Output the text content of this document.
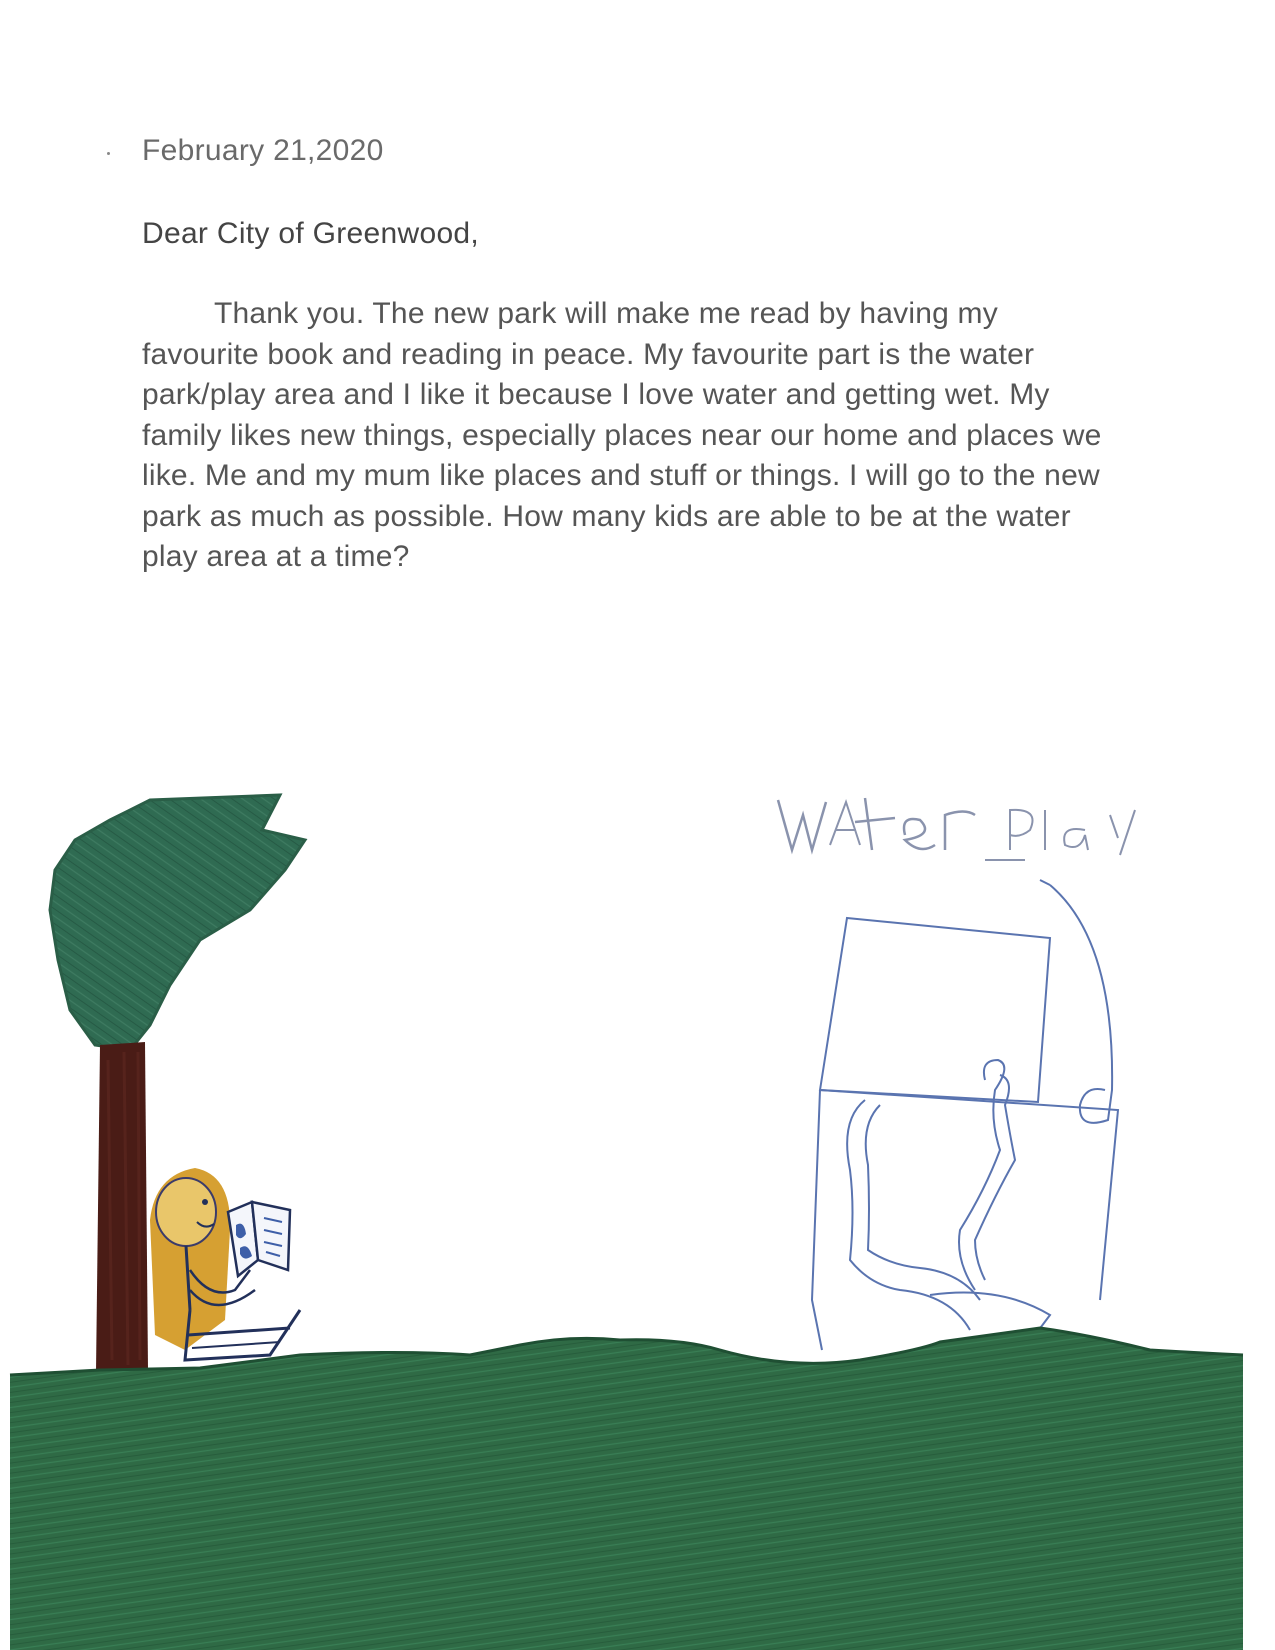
February 21,2020
Dear City of Greenwood,

Thank you. The new park will make me read by having my favourite book and reading in peace. My favourite part is the water park/play area and I like it because I love water and getting wet. My family likes new things, especially places near our home and places we like. Me and my mum like places and stuff or things. I will go to the new park as much as possible. How many kids are able to be at the water play area at a time?
